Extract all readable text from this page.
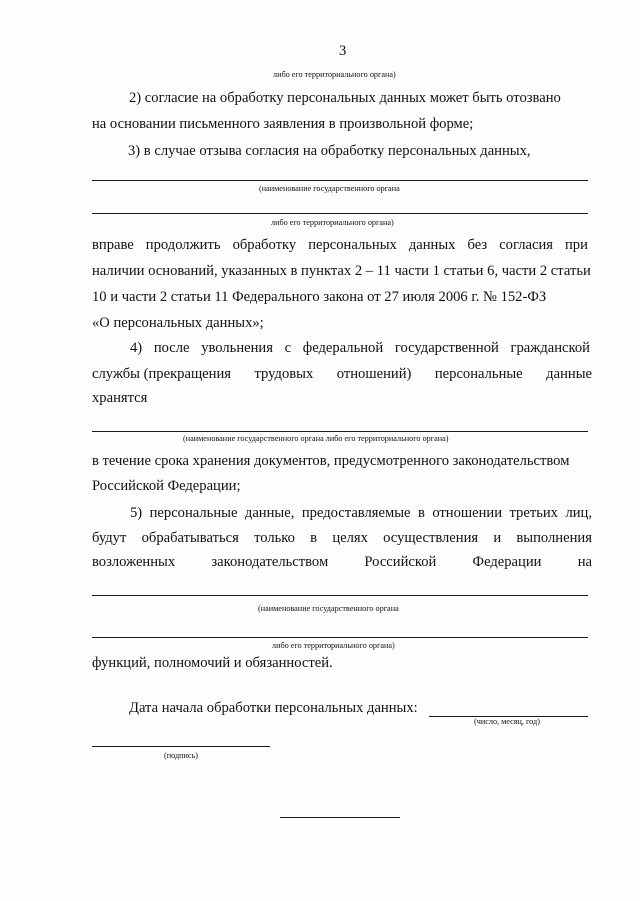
3
либо его территориального органа)
2) согласие на обработку персональных данных может быть отозвано
на основании письменного заявления в произвольной форме;
3) в случае отзыва согласия на обработку персональных данных,
(наименование государственного органа
либо его территориального органа)
вправе продолжить обработку персональных данных без согласия при
наличии оснований, указанных в пунктах 2 – 11 части 1 статьи 6, части 2 статьи
10 и части 2 статьи 11 Федерального закона от 27 июля 2006 г. № 152-ФЗ
«О персональных данных»;
4) после увольнения с федеральной государственной гражданской
службы (прекращения трудовых отношений) персональные данные
хранятся
(наименование государственного органа либо его территориального органа)
в течение срока хранения документов, предусмотренного законодательством
Российской Федерации;
5) персональные данные, предоставляемые в отношении третьих лиц,
будут обрабатываться только в целях осуществления и выполнения
возложенных законодательством Российской Федерации на
(наименование государственного органа
либо его территориального органа)
функций, полномочий и обязанностей.
Дата начала обработки персональных данных:
(число, месяц, год)
(подпись)
